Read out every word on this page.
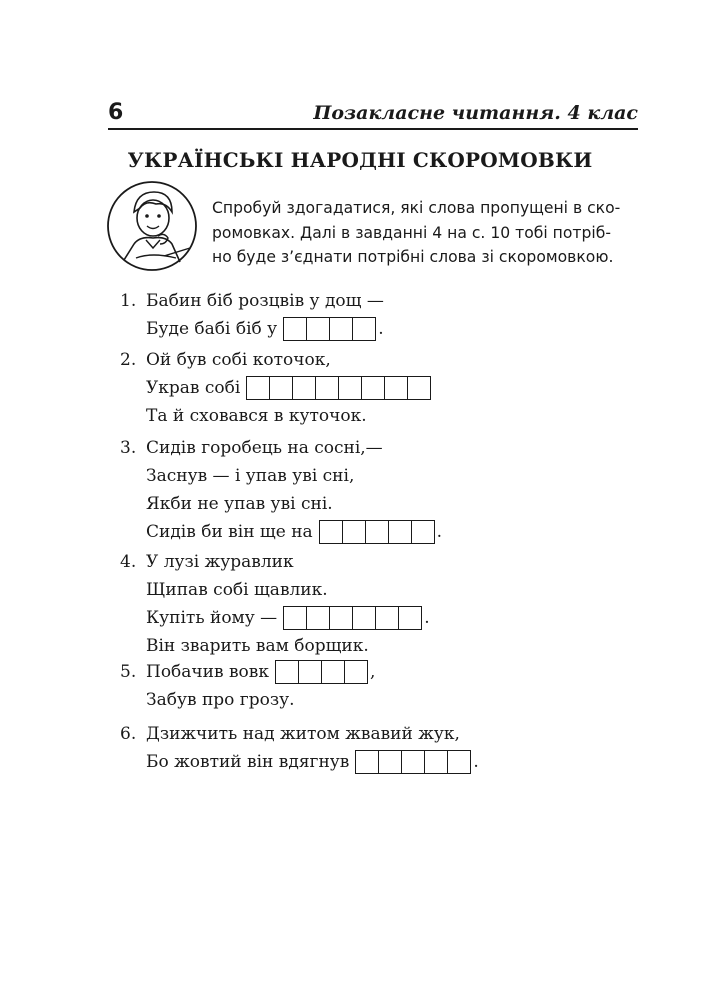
6	Позакласне читання. 4 клас
УКРАЇНСЬКІ НАРОДНІ СКОРОМОВКИ
Спробуй здогадатися, які слова пропущені в ско-
ромовках. Далі в завданні 4 на с. 10 тобі потріб-
но буде з’єднати потрібні слова зі скоромовкою.
1. Бабин біб розцвів у дощ —
Буде бабі біб у	.
2. Ой був собі коточок,
Украв собі
Та й сховався в куточок.
3. Сидів горобець на сосні,—
Заснув — і упав уві сні,
Якби не упав уві сні.
Сидів би він ще на	.
4. У лузі журавлик
Щипав собі щавлик.
Купіть йому —	.
Він зварить вам борщик.
5. Побачив вовк	,
Забув про грозу.
6. Дзижчить над житом жвавий жук,
Бо жовтий він вдягнув	.
